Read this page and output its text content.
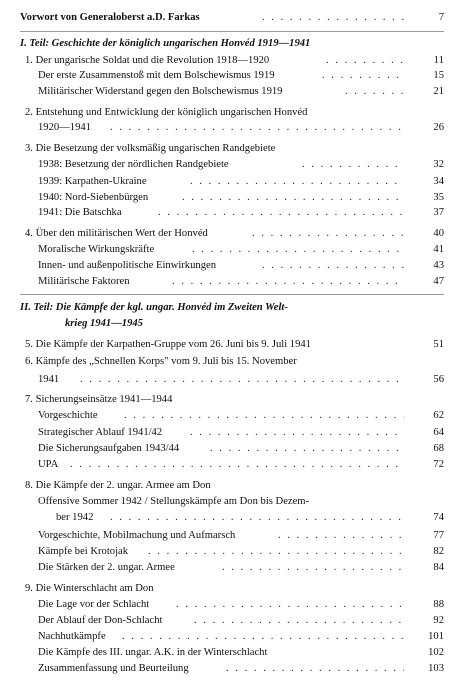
Vorwort von Generaloberst a.D. Farkas . . .	7
I. Teil: Geschichte der königlich ungarischen Honvéd 1919—1941
1. Der ungarische Soldat und die Revolution 1918—1920 . . .	11
Der erste Zusammenstoß mit dem Bolschewismus 1919 . . .	15
Militärischer Widerstand gegen den Bolschewismus 1919 . . .	21
2. Entstehung und Entwicklung der königlich ungarischen Honvéd
1920—1941 . . .	26
3. Die Besetzung der volksmäßig ungarischen Randgebiete
1938: Besetzung der nördlichen Randgebiete . . .	32
1939: Karpathen-Ukraine . . .	34
1940: Nord-Siebenbürgen . . .	35
1941: Die Batschka . . .	37
4. Über den militärischen Wert der Honvéd . . .	40
Moralische Wirkungskräfte . . .	41
Innen- und außenpolitische Einwirkungen . . .	43
Militärische Faktoren . . .	47
II. Teil: Die Kämpfe der kgl. ungar. Honvéd im Zweiten Welt-
krieg 1941—1945
5. Die Kämpfe der Karpathen-Gruppe vom 26. Juni bis 9. Juli 1941	51
6. Kämpfe des „Schnellen Korps" vom 9. Juli bis 15. November
1941 . . .	56
7. Sicherungseinsätze 1941—1944
Vorgeschichte . . .	62
Strategischer Ablauf 1941/42 . . .	64
Die Sicherungsaufgaben 1943/44 . . .	68
UPA . . .	72
8. Die Kämpfe der 2. ungar. Armee am Don
Offensive Sommer 1942 / Stellungskämpfe am Don bis Dezem-
ber 1942 . . .	74
Vorgeschichte, Mobilmachung und Aufmarsch . . .	77
Kämpfe bei Krotojak . . .	82
Die Stärken der 2. ungar. Armee . . .	84
9. Die Winterschlacht am Don
Die Lage vor der Schlacht . . .	88
Der Ablauf der Don-Schlacht . . .	92
Nachhutkämpfe . . .	101
Die Kämpfe des III. ungar. A.K. in der Winterschlacht	102
Zusammenfassung und Beurteilung . . .	103
